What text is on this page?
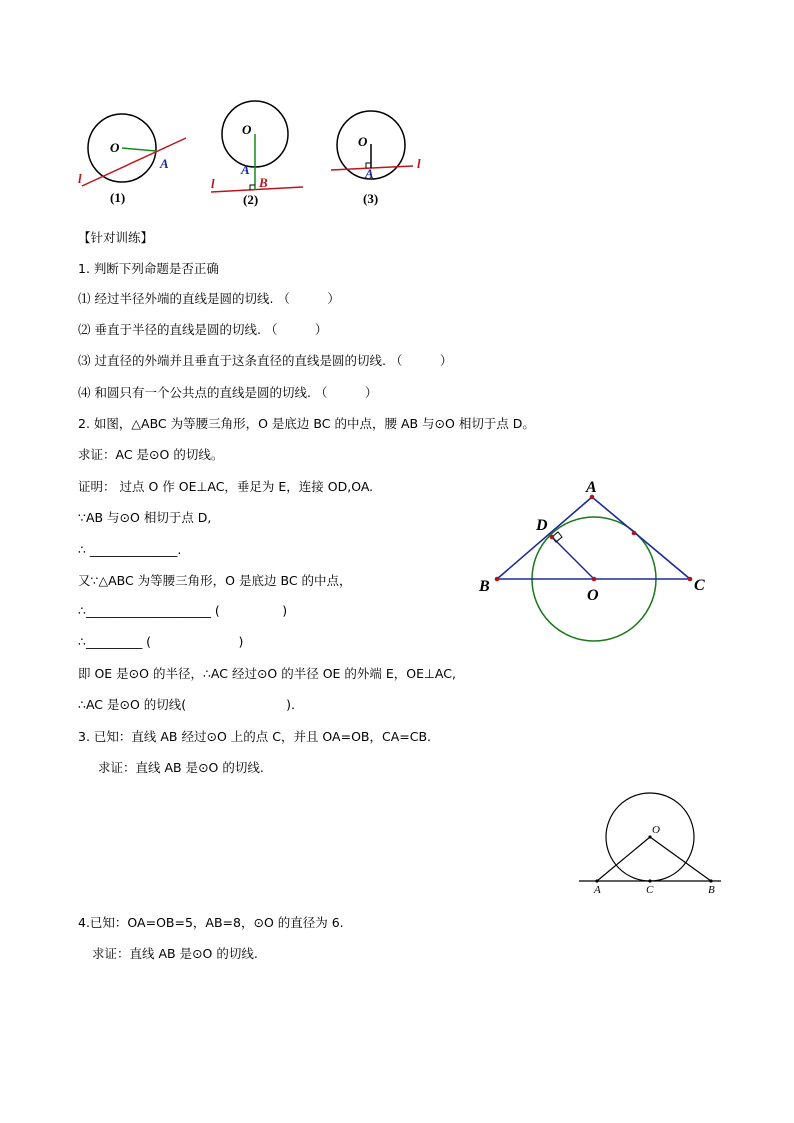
O
A
l
(1)
O
A
B
l
(2)
O
A
l
(3)
【针对训练】
1. 判断下列命题是否正确
⑴ 经过半径外端的直线是圆的切线. （　　　）
⑵ 垂直于半径的直线是圆的切线. （　　　）
⑶ 过直径的外端并且垂直于这条直径的直线是圆的切线. （　　　）
⑷ 和圆只有一个公共点的直线是圆的切线. （　　　）
2. 如图，△ABC 为等腰三角形，O 是底边 BC 的中点，腰 AB 与⊙O 相切于点 D。
求证：AC 是⊙O 的切线。
证明： 过点 O 作 OE⊥AC，垂足为 E，连接 OD,OA.
∵AB 与⊙O 相切于点 D,
∴ ______________.
又∵△ABC 为等腰三角形，O 是底边 BC 的中点，
∴____________________ (　　　　　)
∴_________ (　　　　　　　)
即 OE 是⊙O 的半径，∴AC 经过⊙O 的半径 OE 的外端 E，OE⊥AC,
∴AC 是⊙O 的切线(　　　　　　　　).
3. 已知：直线 AB 经过⊙O 上的点 C，并且 OA=OB，CA=CB.
求证：直线 AB 是⊙O 的切线.
4.已知：OA=OB=5，AB=8，⊙O 的直径为 6.
求证：直线 AB 是⊙O 的切线.
A
B	C
D
O
O
A	C	B
